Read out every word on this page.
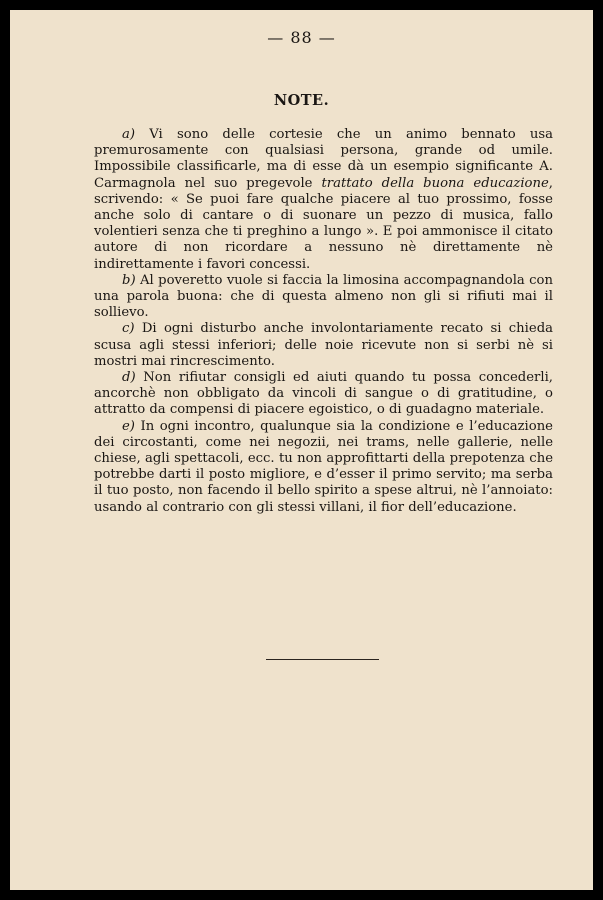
— 88 —
NOTE.

a) Vi sono delle cortesie che un animo bennato usa premurosamente con qualsiasi persona, grande od umile. Impossibile classificarle, ma di esse dà un esempio significante A. Carmagnola nel suo pregevole trattato della buona educazione, scrivendo: « Se puoi fare qualche piacere al tuo prossimo, fosse anche solo di cantare o di suonare un pezzo di musica, fallo volentieri senza che ti preghino a lungo ». E poi ammonisce il citato autore di non ricordare a nessuno nè direttamente nè indirettamente i favori concessi.

b) Al poveretto vuole si faccia la limosina accompagnandola con una parola buona: che di questa almeno non gli si rifiuti mai il sollievo.

c) Di ogni disturbo anche involontariamente recato si chieda scusa agli stessi inferiori; delle noie ricevute non si serbi nè si mostri mai rincrescimento.

d) Non rifiutar consigli ed aiuti quando tu possa concederli, ancorchè non obbligato da vincoli di sangue o di gratitudine, o attratto da compensi di piacere egoistico, o di guadagno materiale.

e) In ogni incontro, qualunque sia la condizione e l’educazione dei circostanti, come nei negozii, nei trams, nelle gallerie, nelle chiese, agli spettacoli, ecc. tu non approfittarti della prepotenza che potrebbe darti il posto migliore, e d’esser il primo servito; ma serba il tuo posto, non facendo il bello spirito a spese altrui, nè l’annoiato: usando al contrario con gli stessi villani, il fior dell’educazione.
